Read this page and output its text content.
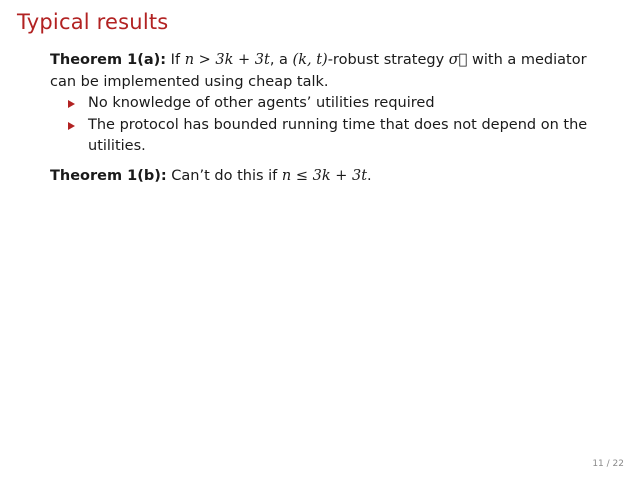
Typical results
Theorem 1(a): If n > 3k + 3t, a (k, t)-robust strategy σ⃗ with a mediator can be implemented using cheap talk.
No knowledge of other agents’ utilities required
The protocol has bounded running time that does not depend on the utilities.
Theorem 1(b): Can’t do this if n ≤ 3k + 3t.
11 / 22
